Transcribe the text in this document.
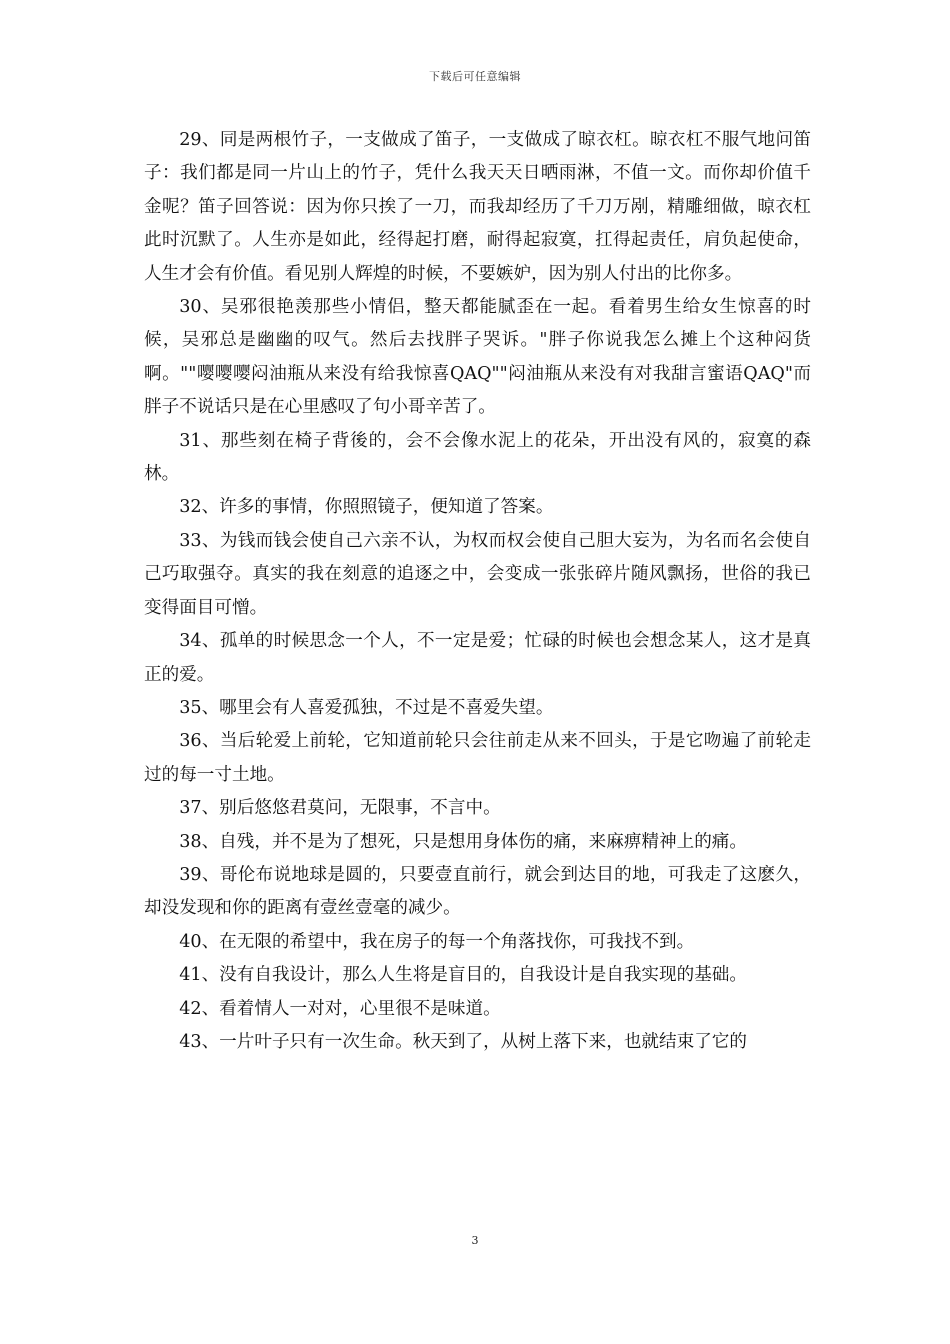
下载后可任意编辑

29、同是两根竹子，一支做成了笛子，一支做成了晾衣杠。晾衣杠不服气地问笛子：我们都是同一片山上的竹子，凭什么我天天日晒雨淋，不值一文。而你却价值千金呢？笛子回答说：因为你只挨了一刀，而我却经历了千刀万剐，精雕细做，晾衣杠此时沉默了。人生亦是如此，经得起打磨，耐得起寂寞，扛得起责任，肩负起使命，人生才会有价值。看见别人辉煌的时候，不要嫉妒，因为别人付出的比你多。

30、吴邪很艳羡那些小情侣，整天都能腻歪在一起。看着男生给女生惊喜的时候，吴邪总是幽幽的叹气。然后去找胖子哭诉。"胖子你说我怎么摊上个这种闷货啊。""嘤嘤嘤闷油瓶从来没有给我惊喜QAQ""闷油瓶从来没有对我甜言蜜语QAQ"而胖子不说话只是在心里感叹了句小哥辛苦了。

31、那些刻在椅子背後的，会不会像水泥上的花朵，开出没有风的，寂寞的森林。

32、许多的事情，你照照镜子，便知道了答案。

33、为钱而钱会使自己六亲不认，为权而权会使自己胆大妄为，为名而名会使自己巧取强夺。真实的我在刻意的追逐之中，会变成一张张碎片随风飘扬，世俗的我已变得面目可憎。

34、孤单的时候思念一个人，不一定是爱；忙碌的时候也会想念某人，这才是真正的爱。

35、哪里会有人喜爱孤独，不过是不喜爱失望。

36、当后轮爱上前轮，它知道前轮只会往前走从来不回头，于是它吻遍了前轮走过的每一寸土地。

37、别后悠悠君莫问，无限事，不言中。

38、自残，并不是为了想死，只是想用身体伤的痛，来麻痹精神上的痛。

39、哥伦布说地球是圆的，只要壹直前行，就会到达目的地，可我走了这麽久，却没发现和你的距离有壹丝壹毫的减少。

40、在无限的希望中，我在房子的每一个角落找你，可我找不到。

41、没有自我设计，那么人生将是盲目的，自我设计是自我实现的基础。

42、看着情人一对对，心里很不是味道。

43、一片叶子只有一次生命。秋天到了，从树上落下来，也就结束了它的

3
